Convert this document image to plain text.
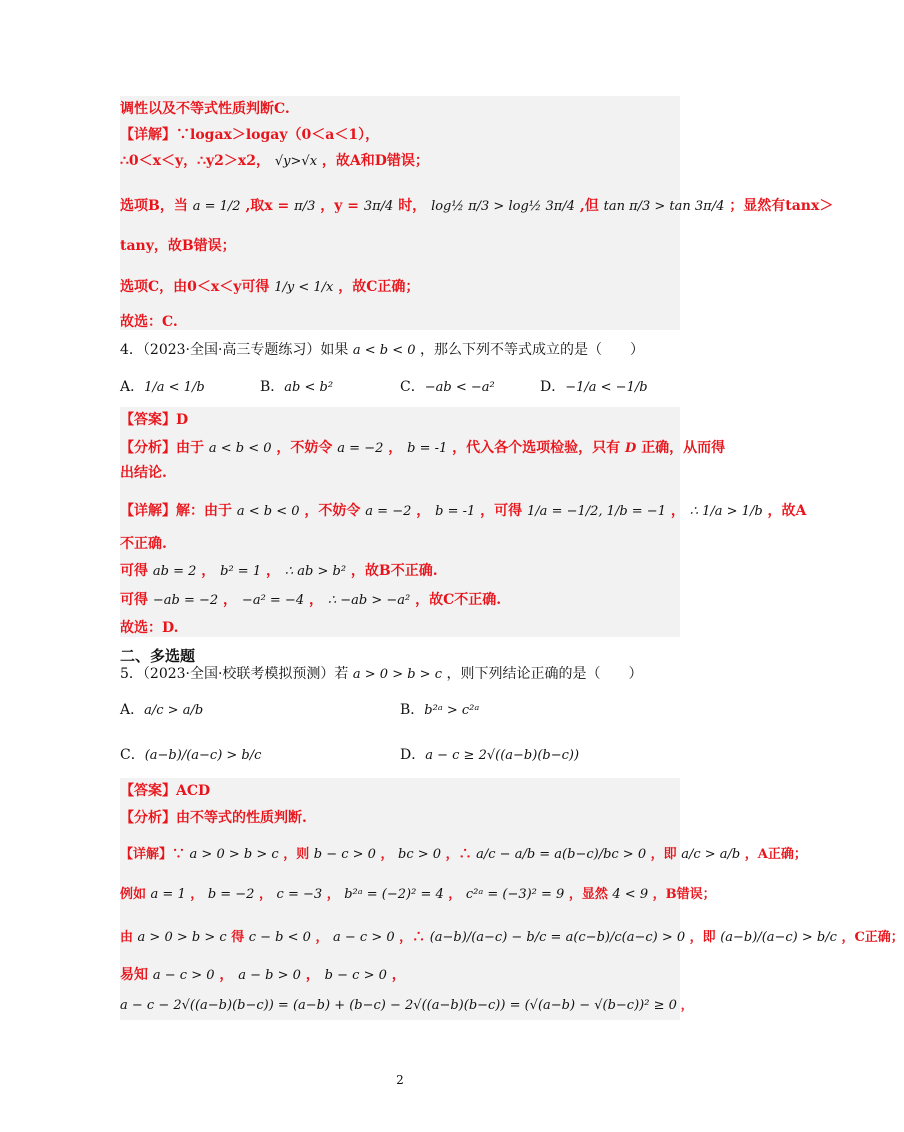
调性以及不等式性质判断C.
【详解】∵logax＞logay（0＜a＜1），
∴0＜x＜y，∴y2＞x2， √y>√x ，故A和D错误；
选项B，当 a = 1/2 ,取x = π/3 ，y = 3π/4 时， log½ π/3 > log½ 3π/4 ,但 tan π/3 > tan 3π/4 ；显然有tanx＞
tany，故B错误；
选项C，由0＜x＜y可得 1/y < 1/x ，故C正确；
故选：C.
4．（2023·全国·高三专题练习）如果 a < b < 0 ，那么下列不等式成立的是（　　）
A．1/a < 1/b	B．ab < b²	C．−ab < −a²	D．−1/a < −1/b
【答案】D
【分析】由于 a < b < 0 ，不妨令 a = −2 ， b = -1 ，代入各个选项检验，只有 D 正确，从而得
出结论.
【详解】解：由于 a < b < 0 ，不妨令 a = −2 ， b = -1 ，可得 1/a = −1/2, 1/b = −1 ， ∴ 1/a > 1/b ，故A
不正确.
可得 ab = 2 ， b² = 1 ， ∴ ab > b² ，故B不正确.
可得 −ab = −2 ， −a² = −4 ， ∴ −ab > −a² ，故C不正确.
故选：D.
二、多选题
5．（2023·全国·校联考模拟预测）若 a > 0 > b > c ，则下列结论正确的是（　　）
A．a/c > a/b	B．b²ᵃ > c²ᵃ
C．(a−b)/(a−c) > b/c	D．a − c ≥ 2√((a−b)(b−c))
【答案】ACD
【分析】由不等式的性质判断.
【详解】∵ a > 0 > b > c ，则 b − c > 0 ， bc > 0 ，∴ a/c − a/b = a(b−c)/bc > 0 ，即 a/c > a/b ，A正确；
例如 a = 1 ， b = −2 ， c = −3 ， b²ᵃ = (−2)² = 4 ， c²ᵃ = (−3)² = 9 ，显然 4 < 9 ，B错误；
由 a > 0 > b > c 得 c − b < 0 ， a − c > 0 ，∴ (a−b)/(a−c) − b/c = a(c−b)/c(a−c) > 0 ，即 (a−b)/(a−c) > b/c ，C正确；
易知 a − c > 0 ， a − b > 0 ， b − c > 0 ，
a − c − 2√((a−b)(b−c)) = (a−b) + (b−c) − 2√((a−b)(b−c)) = (√(a−b) − √(b−c))² ≥ 0 ，
2
